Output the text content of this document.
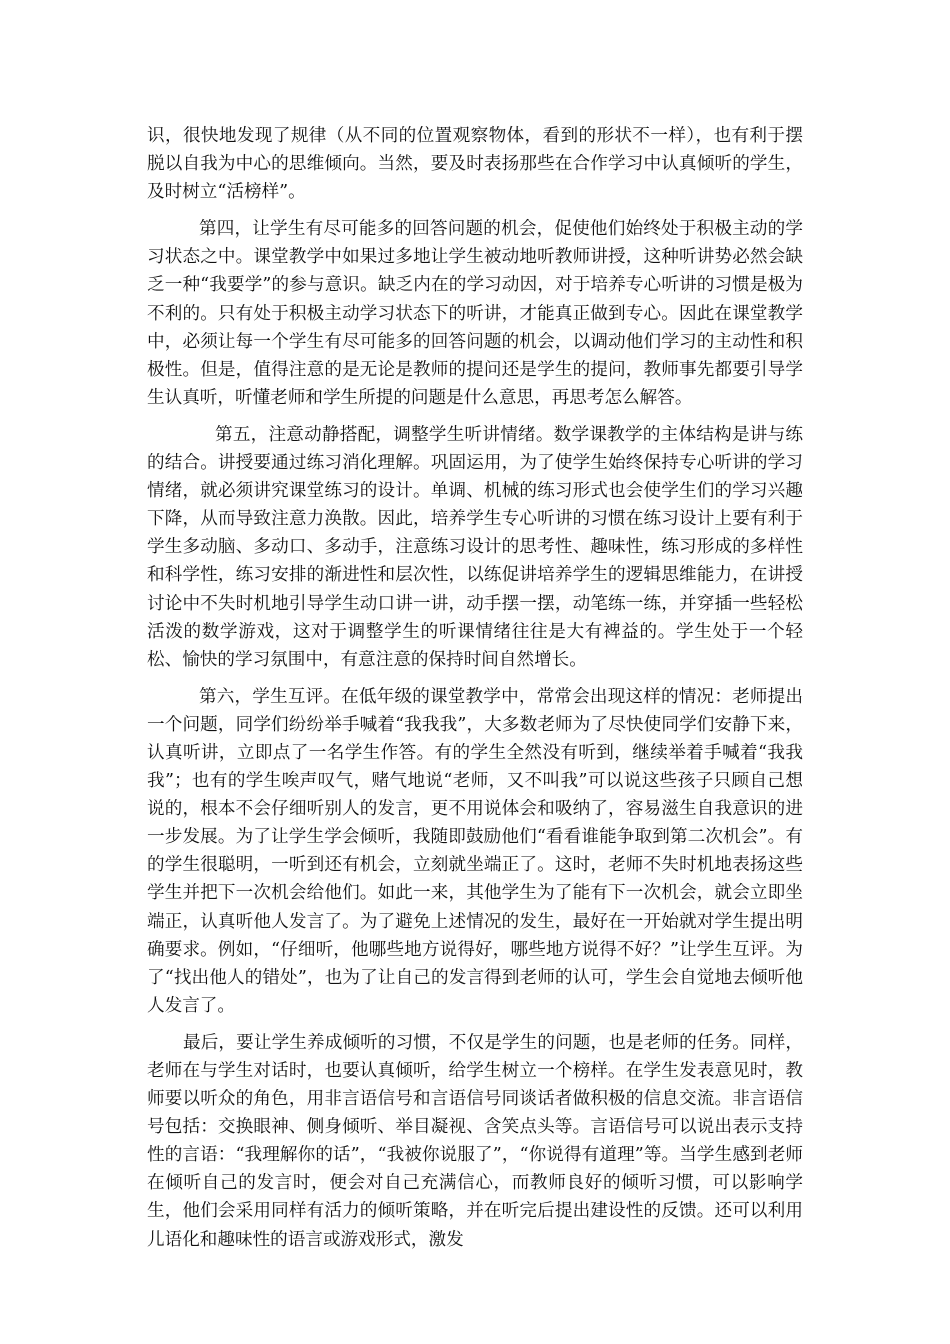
识，很快地发现了规律（从不同的位置观察物体，看到的形状不一样），也有利于摆脱以自我为中心的思维倾向。当然，要及时表扬那些在合作学习中认真倾听的学生，及时树立“活榜样”。

第四，让学生有尽可能多的回答问题的机会，促使他们始终处于积极主动的学习状态之中。课堂教学中如果过多地让学生被动地听教师讲授，这种听讲势必然会缺乏一种“我要学”的参与意识。缺乏内在的学习动因，对于培养专心听讲的习惯是极为不利的。只有处于积极主动学习状态下的听讲，才能真正做到专心。因此在课堂教学中，必须让每一个学生有尽可能多的回答问题的机会，以调动他们学习的主动性和积极性。但是，值得注意的是无论是教师的提问还是学生的提问，教师事先都要引导学生认真听，听懂老师和学生所提的问题是什么意思，再思考怎么解答。

第五，注意动静搭配，调整学生听讲情绪。数学课教学的主体结构是讲与练的结合。讲授要通过练习消化理解。巩固运用，为了使学生始终保持专心听讲的学习情绪，就必须讲究课堂练习的设计。单调、机械的练习形式也会使学生们的学习兴趣下降，从而导致注意力涣散。因此，培养学生专心听讲的习惯在练习设计上要有利于学生多动脑、多动口、多动手，注意练习设计的思考性、趣味性，练习形成的多样性和科学性，练习安排的渐进性和层次性，以练促讲培养学生的逻辑思维能力，在讲授讨论中不失时机地引导学生动口讲一讲，动手摆一摆，动笔练一练，并穿插一些轻松活泼的数学游戏，这对于调整学生的听课情绪往往是大有裨益的。学生处于一个轻松、愉快的学习氛围中，有意注意的保持时间自然增长。

第六，学生互评。在低年级的课堂教学中，常常会出现这样的情况：老师提出一个问题，同学们纷纷举手喊着“我我我”，大多数老师为了尽快使同学们安静下来，认真听讲，立即点了一名学生作答。有的学生全然没有听到，继续举着手喊着“我我我”；也有的学生唉声叹气，赌气地说“老师，又不叫我”可以说这些孩子只顾自己想说的，根本不会仔细听别人的发言，更不用说体会和吸纳了，容易滋生自我意识的进一步发展。为了让学生学会倾听，我随即鼓励他们“看看谁能争取到第二次机会”。有的学生很聪明，一听到还有机会，立刻就坐端正了。这时，老师不失时机地表扬这些学生并把下一次机会给他们。如此一来，其他学生为了能有下一次机会，就会立即坐端正，认真听他人发言了。为了避免上述情况的发生，最好在一开始就对学生提出明确要求。例如，“仔细听，他哪些地方说得好，哪些地方说得不好？”让学生互评。为了“找出他人的错处”，也为了让自己的发言得到老师的认可，学生会自觉地去倾听他人发言了。

最后，要让学生养成倾听的习惯，不仅是学生的问题，也是老师的任务。同样，老师在与学生对话时，也要认真倾听，给学生树立一个榜样。在学生发表意见时，教师要以听众的角色，用非言语信号和言语信号同谈话者做积极的信息交流。非言语信号包括：交换眼神、侧身倾听、举目凝视、含笑点头等。言语信号可以说出表示支持性的言语：“我理解你的话”，“我被你说服了”，“你说得有道理”等。当学生感到老师在倾听自己的发言时，便会对自己充满信心，而教师良好的倾听习惯，可以影响学生，他们会采用同样有活力的倾听策略，并在听完后提出建设性的反馈。还可以利用儿语化和趣味性的语言或游戏形式，激发
